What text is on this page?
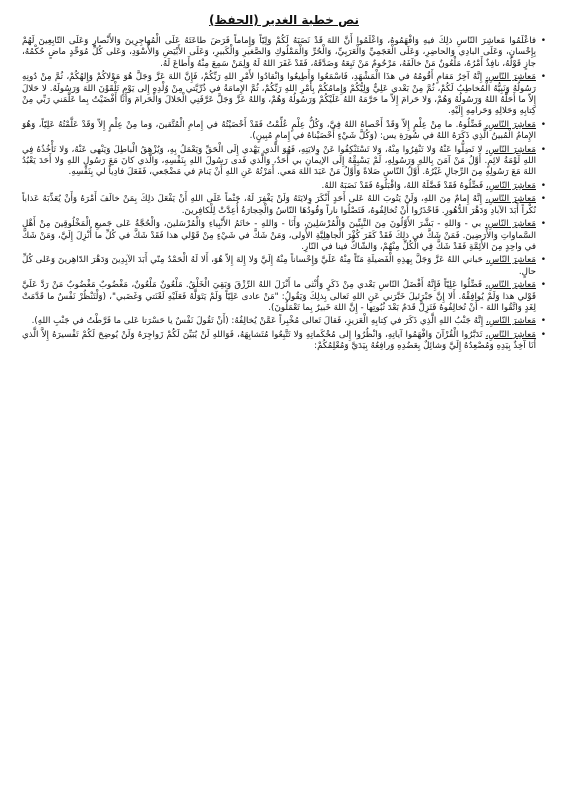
نص خطبة الغدير (الحفظ)
• فاعْلَمُوا مَعاشِرَ النّاسِ ذلِكَ فيهِ وَافْهَمُوهُ، وَاعْلَمُوا أَنَّ اللهَ قَدْ نَصَبَهُ لَكُمْ وَلِيّاً وَإِماماً فَرَضَ طاعَتَهُ عَلَى الْمُهاجِرِينَ وَالأَنْصارِ وَعَلَى التّابِعِينَ لَهُمْ بِإِحْسانٍ، وَعَلَى البادِي وَالحاضِرِ، وَعَلَى الْعَجَمِيِّ وَالْعَرَبِيِّ، وَالْحُرِّ وَالْمَمْلُوكِ وَالصَّغيرِ وَالْكَبيرِ، وَعَلَى الأَبْيَضِ وَالأَسْوَدِ، وَعَلى كُلِّ مُوَحِّدٍ ماضٍ حُكْمُهُ، جازٍ قَوْلُهُ، نافِذٌ أَمْرُهُ، مَلْعُونٌ مَنْ خالَفَهُ، مَرْحُومٌ مَنْ تَبِعَهُ وَصَدَّقَهُ، فَقَدْ غَفَرَ اللهُ لَهُ وَلِمَنْ سَمِعَ مِنْهُ وَأَطاعَ لَهُ.
• مَعاشِرَ النّاسِ، إِنَّهُ آخِرُ مَقامٍ أَقُومُهُ في هذَا الْمَشْهَدِ، فَاسْمَعُوا وَأَطِيعُوا وَانْقادُوا لأَمْرِ اللهِ رَبِّكُمْ، فَإِنَّ اللهَ عَزَّ وَجَلَّ هُوَ مَوْلاكُمْ وَإِلهُكُمْ، ثُمَّ مِنْ دُونِهِ رَسُولُهُ وَنَبِيُّهُ الْمُخاطِبُ لَكُمْ، ثُمَّ مِنْ بَعْدي عَلِيٌّ وَلِيُّكُمْ وَإِمامُكُمْ بِأَمْرِ اللهِ رَبِّكُمْ، ثُمَّ الإِمامَةُ في ذُرِّيَّتي مِنْ وُلْدِهِ إِلى يَوْمٍ تَلْقَوْنَ اللهَ وَرَسُولَهُ. لا حَلالَ إِلاّ ما أَحَلَّهُ اللهُ وَرَسُولُهُ وَهُمْ، وَلا حَرامَ إِلاّ ما حَرَّمَهُ اللهُ عَلَيْكُمْ وَرَسُولُهُ وَهُمْ، وَاللهُ عَزَّ وَجَلَّ عَرَّفَنِي الْحَلالَ وَالْحَرامَ وَأَنَا أَفْضَيْتُ بِما عَلَّمَني رَبِّي مِنْ كِتابِهِ وَحَلالِهِ وَحَرامِهِ إِلَيْهِ.
• مَعاشِرَ النّاسِ، فَضِّلُوهُ. ما مِنْ عِلْمٍ إِلاّ وَقَدْ أَحْصاهُ اللهُ فِيَّ، وَكُلُّ عِلْمٍ عُلِّمْتُ فَقَدْ أَحْصَيْتُهُ في إِمامِ الْمُتَّقينَ، وَما مِنْ عِلْمٍ إِلاّ وَقَدْ عَلَّمْتُهُ عَلِيّاً، وَهُوَ الإِمامُ الْمُبينُ الَّذِي ذَكَرَهُ اللهُ في سُورَةِ يس: (وَكُلَّ شَيْءٍ أَحْصَيْناهُ في إِمامٍ مُبِينٍ).
• مَعاشِرَ النّاسِ، لا تَضِلُّوا عَنْهُ وَلا تَنْفِرُوا مِنْهُ، وَلا تَسْتَنْكِفُوا عَنْ وِلايَتِهِ، فَهُوَ الَّذي يَهْدي إِلَى الْحَقِّ وَيَعْمَلُ بِهِ، وَيُزْهِقُ الْباطِلَ وَيَنْهى عَنْهُ، وَلا تَأْخُذُهُ فِي اللهِ لَوْمَةُ لائِمٍ. أَوَّلُ مَنْ آمَنَ بِاللهِ وَرَسُولِهِ، لَمْ يَسْبِقْهُ إِلَى الإيمانِ بي أَحَدٌ، وَالَّذي فَدى رَسُولَ اللهِ بِنَفْسِهِ، وَالَّذي كانَ مَعَ رَسُولِ اللهِ وَلا أَحَدَ يَعْبُدُ اللهَ مَعَ رَسُولِهِ مِنَ الرِّجالِ غَيْرُهُ. أَوَّلُ النّاسِ صَلاةً وَأَوَّلُ مَنْ عَبَدَ اللهَ مَعي. أَمَرْتُهُ عَنِ اللهِ أَنْ يَنامَ في مَضْجَعي، فَفَعَلَ فادِياً لي بِنَفْسِهِ.
• مَعاشِرَ النّاسِ، فَضِّلُوهُ فَقَدْ فَضَّلَهُ اللهُ، وَاقْبَلُوهُ فَقَدْ نَصَبَهُ اللهُ.
• مَعاشِرَ النّاسِ، إِنَّهُ إِمامٌ مِنَ اللهِ، وَلَنْ يَتُوبَ اللهُ عَلى أَحَدٍ أَنْكَرَ وِلايَتَهُ وَلَنْ يَغْفِرَ لَهُ، حَتْماً عَلَى اللهِ أَنْ يَفْعَلَ ذلِكَ بِمَنْ خالَفَ أَمْرَهُ وَأَنْ يُعَذِّبَهُ عَذاباً نُكْراً أَبَدَ الآبادِ وَدَهْرَ الدُّهُورِ. فَاحْذَرُوا أَنْ تُخالِفُوهُ، فَتَصْلُوا ناراً وَقُودُهَا النّاسُ وَالْحِجارَةُ أُعِدَّتْ لِلْكافِرينَ.
• مَعاشِرَ النّاسِ، بي - وَاللهِ - بَشَّرَ الأَوَّلُونَ مِنَ النَّبِيِّينَ وَالْمُرْسَلِينَ، وَأَنَا - وَاللهِ - خاتَمُ الأَنْبِياءِ وَالْمُرْسَلينَ، وَالْحُجَّةُ عَلى جَميعِ الْمَخْلُوقِينَ مِنْ أَهْلِ السَّماواتِ وَالأَرَضِينَ. فَمَنْ شَكَّ في ذلِكَ فَقَدْ كَفَرَ كُفْرَ الْجاهِلِيَّةِ الأُولى، وَمَنْ شَكَّ في شَيْءٍ مِنْ قَوْلي هذا فَقَدْ شَكَّ في كُلِّ ما أُنْزِلَ إِلَيَّ، وَمَنْ شَكَّ في واحِدٍ مِنَ الأَئِمَّةِ فَقَدْ شَكَّ فِي الْكُلِّ مِنْهُمْ، وَالشّاكُّ فينا في النّارِ.
• مَعاشِرَ النّاسِ، حَباني اللهُ عَزَّ وَجَلَّ بِهذِهِ الْفَضيلَةِ مَنّاً مِنْهُ عَلَيَّ وَإِحْساناً مِنْهُ إِلَيَّ وَلا إِلهَ إِلاّ هُوَ، أَلا لَهُ الْحَمْدُ مِنّي أَبَدَ الآبِدِينَ وَدَهْرَ الدّاهِرينَ وَعَلى كُلِّ حالٍ.
• مَعاشِرَ النّاسِ، فَضِّلُوا عَلِيّاً فَإِنَّهُ أَفْضَلُ النّاسِ بَعْدي مِنْ ذَكَرٍ وَأُنْثى ما أَنْزَلَ اللهُ الرِّزْقَ وَبَقِيَ الْخَلْقُ. مَلْعُونٌ مَلْعُونٌ، مَغْضُوبٌ مَغْضُوبٌ مَنْ رَدَّ عَلَيَّ قَوْلي هذا وَلَمْ يُوافِقْهُ. أَلا إِنَّ جَبْرَئيلَ خَبَّرَني عَنِ اللهِ تَعالى بِذلِكَ وَيَقُولُ: "مَنْ عادى عَلِيّاً وَلَمْ يَتَوَلَّهُ فَعَلَيْهِ لَعْنَتي وَغَضَبي"، (وَلْتَنْظُرْ نَفْسٌ ما قَدَّمَتْ لِغَدٍ وَاتَّقُوا اللهَ - أَنْ تُخالِفُوهُ فَتَزِلَّ قَدَمٌ بَعْدَ ثُبُوتِها - إِنَّ اللهَ خَبيرٌ بِما تَعْمَلُونَ).
• مَعاشِرَ النّاسِ، إِنَّهُ جَنْبُ اللهِ الَّذِي ذَكَرَ في كِتابِهِ الْعَزيزِ، فَقالَ تَعالى مُخْبِراً عَمَّنْ يُخالِفُهُ: (أَنْ تَقُولَ نَفْسٌ يا حَسْرَتا عَلى ما فَرَّطْتُ في جَنْبِ اللهِ).
• مَعاشِرَ النّاسِ، تَدَبَّرُوا الْقُرْآنَ وَافْهَمُوا آياتِهِ، وَانْظُرُوا إِلى مُحْكَماتِهِ وَلا تَتَّبِعُوا مُتَشابِهَهُ، فَوَاللهِ لَنْ يُبَيِّنَ لَكُمْ زَواجِرَهُ وَلَنْ يُوضِحَ لَكُمْ تَفْسيرَهُ إِلاَّ الَّذي أَنَا آخِذٌ بِيَدِهِ وَمُصْعِدُهُ إِلَيَّ وَشائِلٌ بِعَضُدِهِ وَرافِعُهُ بِيَدَيَّ وَمُعْلِمُكُمْ:
